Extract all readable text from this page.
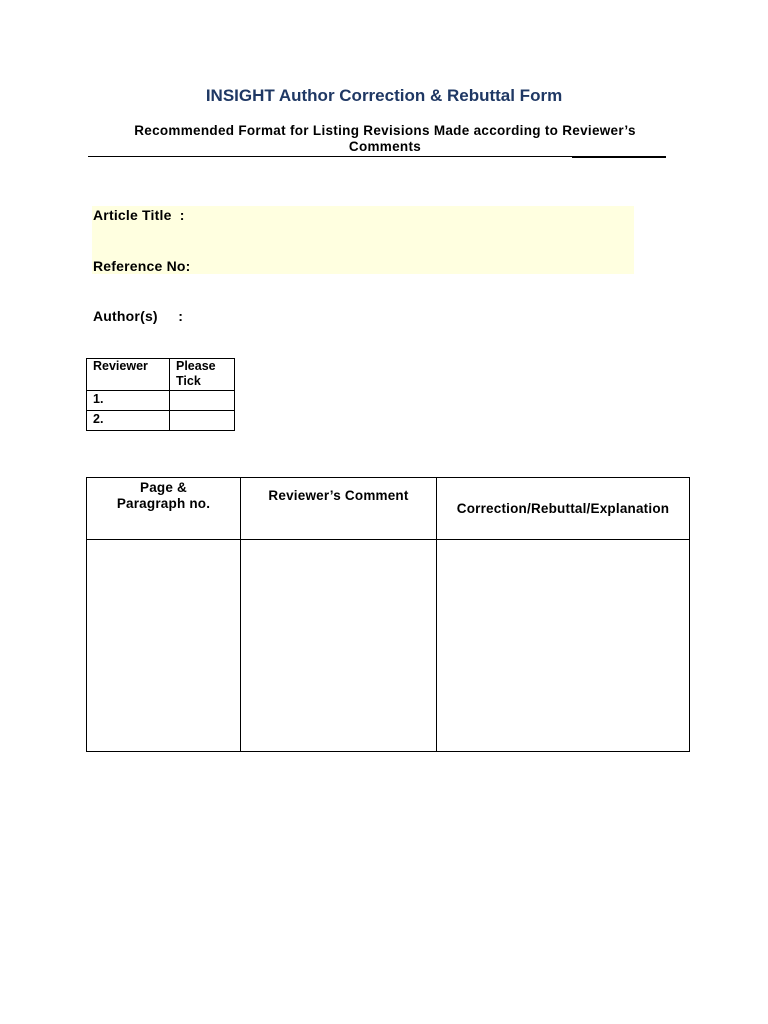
INSIGHT Author Correction & Rebuttal Form
Recommended Format for Listing Revisions Made according to Reviewer’s Comments
Article Title  :
Reference No:
Author(s)     :
Reviewer	Please Tick
1.	
2.	
Page & Paragraph no.	Reviewer’s Comment	Correction/Rebuttal/Explanation
